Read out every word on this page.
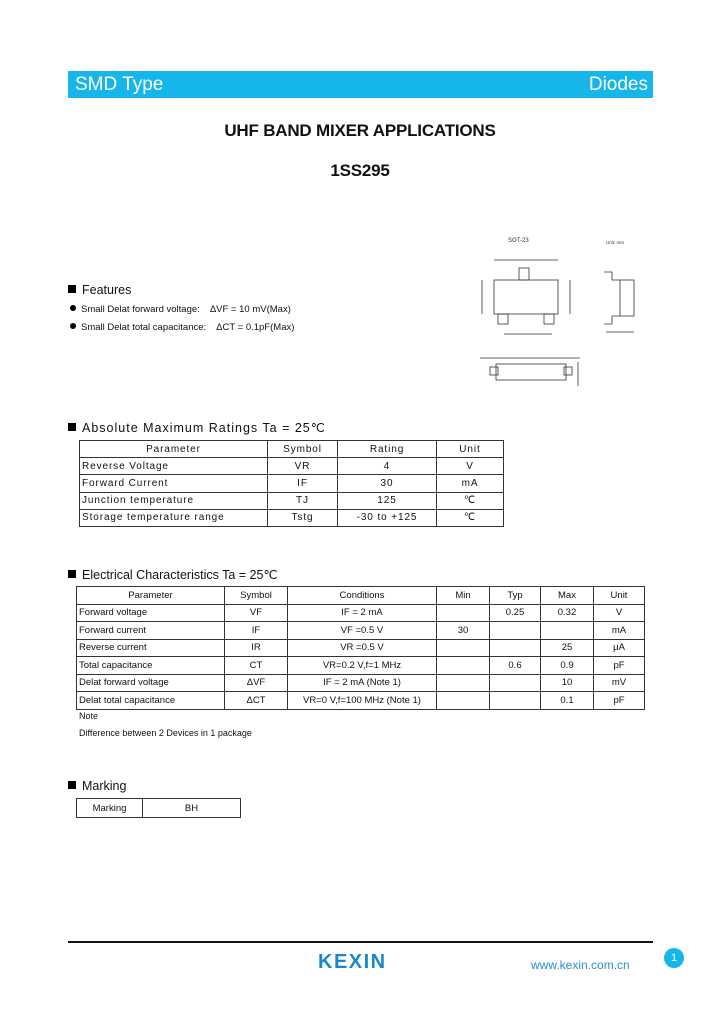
SMD Type	Diodes
UHF BAND MIXER APPLICATIONS
1SS295
SOT-23	Unit: mm
Features
Small Delat forward voltage: ΔVF = 10 mV(Max)
Small Delat total capacitance: ΔCT = 0.1pF(Max)
Absolute Maximum Ratings Ta = 25℃
Parameter	Symbol	Rating	Unit
Reverse Voltage	VR	4	V
Forward Current	IF	30	mA
Junction temperature	TJ	125	℃
Storage temperature range	Tstg	-30 to +125	℃
Electrical Characteristics Ta = 25℃
Parameter	Symbol	Conditions	Min	Typ	Max	Unit
Forward voltage	VF	IF = 2 mA		0.25	0.32	V
Forward current	IF	VF =0.5 V	30			mA
Reverse current	IR	VR =0.5 V			25	μA
Total capacitance	CT	VR=0.2 V,f=1 MHz		0.6	0.9	pF
Delat forward voltage	ΔVF	IF = 2 mA (Note 1)			10	mV
Delat total capacitance	ΔCT	VR=0 V,f=100 MHz (Note 1)			0.1	pF
Note
Difference between 2 Devices in 1 package
Marking
Marking	BH
KEXIN	www.kexin.com.cn	1
